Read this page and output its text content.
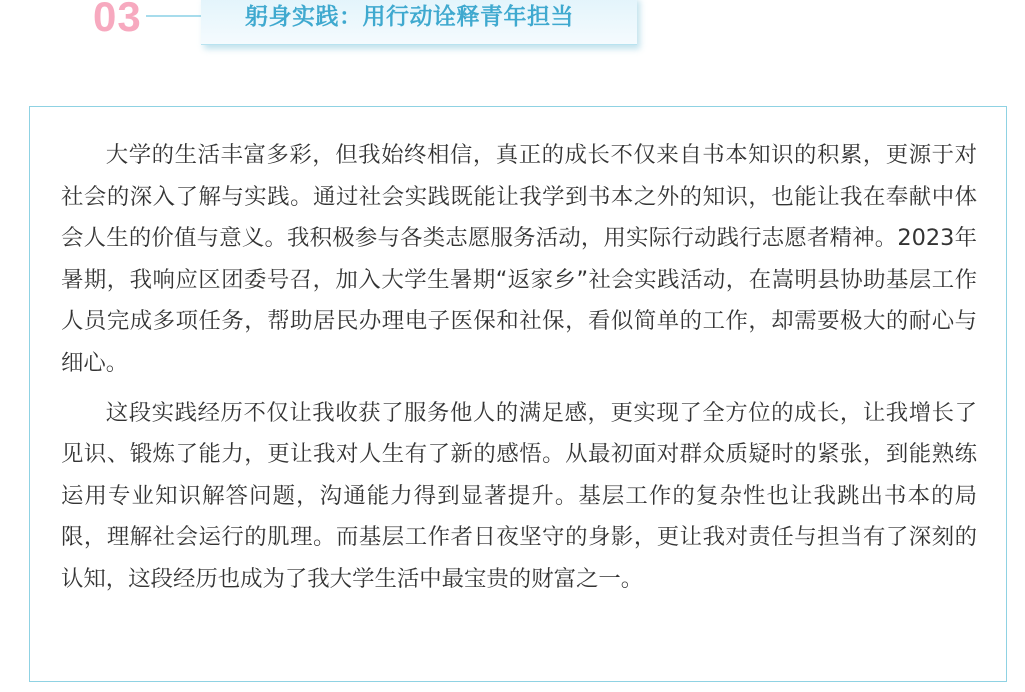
03	躬身实践：用行动诠释青年担当

大学的生活丰富多彩，但我始终相信，真正的成长不仅来自书本知识的积累，更源于对社会的深入了解与实践。通过社会实践既能让我学到书本之外的知识，也能让我在奉献中体会人生的价值与意义。我积极参与各类志愿服务活动，用实际行动践行志愿者精神。2023年暑期，我响应区团委号召，加入大学生暑期“返家乡”社会实践活动，在嵩明县协助基层工作人员完成多项任务，帮助居民办理电子医保和社保，看似简单的工作，却需要极大的耐心与细心。

这段实践经历不仅让我收获了服务他人的满足感，更实现了全方位的成长，让我增长了见识、锻炼了能力，更让我对人生有了新的感悟。从最初面对群众质疑时的紧张，到能熟练运用专业知识解答问题，沟通能力得到显著提升。基层工作的复杂性也让我跳出书本的局限，理解社会运行的肌理。而基层工作者日夜坚守的身影，更让我对责任与担当有了深刻的认知，这段经历也成为了我大学生活中最宝贵的财富之一。
